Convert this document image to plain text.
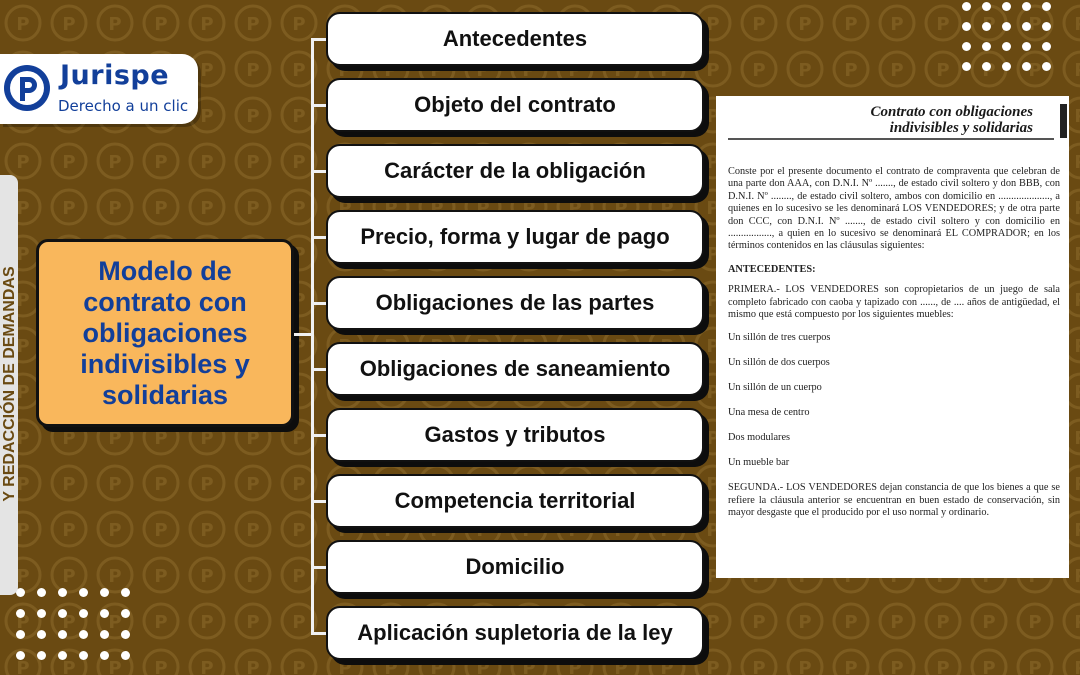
Jurispe
Derecho a un clic
Y REDACCIÓN DE DEMANDAS	Modelo de contrato con obligaciones indivisibles y solidarias
Antecedentes
Objeto del contrato
Carácter de la obligación
Precio, forma y lugar de pago
Obligaciones de las partes
Obligaciones de saneamiento
Gastos y tributos
Competencia territorial
Domicilio
Aplicación supletoria de la ley
Contrato con obligaciones
indivisibles y solidarias

Conste por el presente documento el contrato de compraventa que celebran de una parte don AAA, con D.N.I. Nº ......., de estado civil soltero y don BBB, con D.N.I. Nº ........, de estado civil soltero, ambos con domicilio en ...................., a quienes en lo sucesivo se les denominará LOS VENDEDORES; y de otra parte don CCC, con D.N.I. Nº ......., de estado civil soltero y con domicilio en ................., a quien en lo sucesivo se denominará EL COMPRADOR; en los términos contenidos en las cláusulas siguientes:

ANTECEDENTES:

PRIMERA.- LOS VENDEDORES son copropietarios de un juego de sala completo fabricado con caoba y tapizado con ......, de .... años de antigüedad, el mismo que está compuesto por los siguientes muebles:

Un sillón de tres cuerpos

Un sillón de dos cuerpos

Un sillón de un cuerpo

Una mesa de centro

Dos modulares

Un mueble bar

SEGUNDA.- LOS VENDEDORES dejan constancia de que los bienes a que se refiere la cláusula anterior se encuentran en buen estado de conservación, sin mayor desgaste que el producido por el uso normal y ordinario.
